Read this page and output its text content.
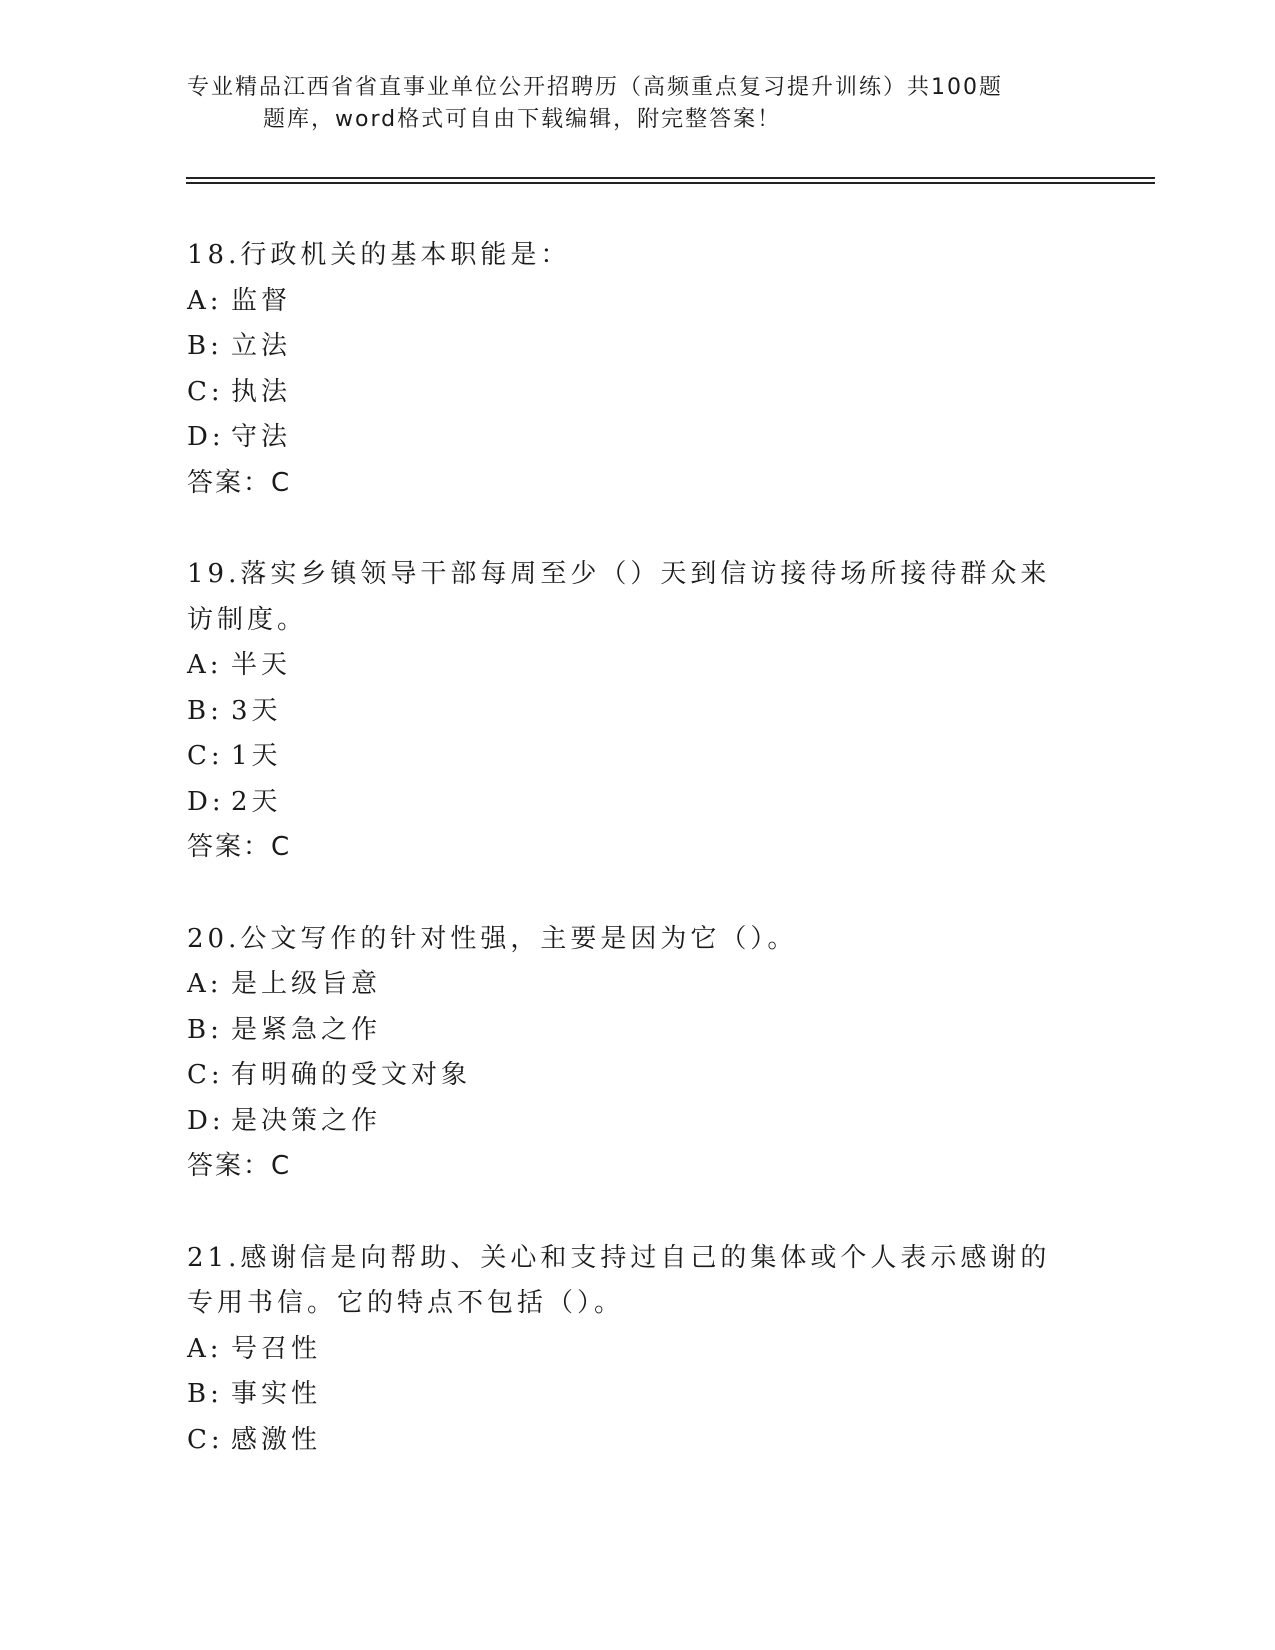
专业精品江西省省直事业单位公开招聘历（高频重点复习提升训练）共100题
题库，word格式可自由下载编辑，附完整答案！
18.行政机关的基本职能是：
A: 监督
B: 立法
C: 执法
D: 守法
答案：C
19.落实乡镇领导干部每周至少（）天到信访接待场所接待群众来访制度。
A: 半天
B: 3天
C: 1天
D: 2天
答案：C
20.公文写作的针对性强，主要是因为它（）。
A: 是上级旨意
B: 是紧急之作
C: 有明确的受文对象
D: 是决策之作
答案：C
21.感谢信是向帮助、关心和支持过自己的集体或个人表示感谢的专用书信。它的特点不包括（）。
A: 号召性
B: 事实性
C: 感激性
